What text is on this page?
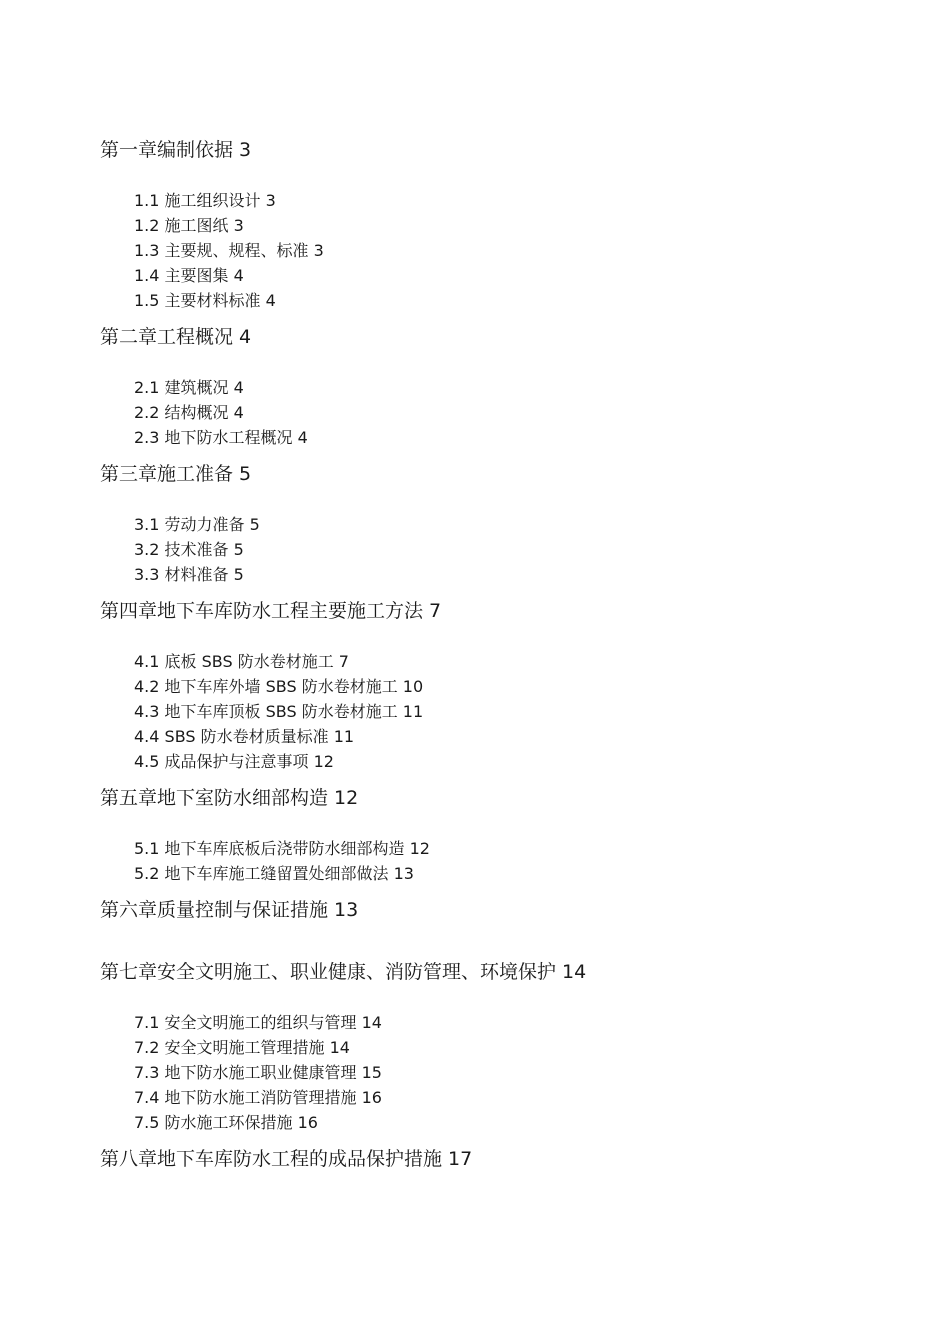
第一章编制依据 3
1.1 施工组织设计 3
1.2 施工图纸 3
1.3 主要规、规程、标准 3
1.4 主要图集 4
1.5 主要材料标准 4
第二章工程概况 4
2.1 建筑概况 4
2.2 结构概况 4
2.3 地下防水工程概况 4
第三章施工准备 5
3.1 劳动力准备 5
3.2 技术准备 5
3.3 材料准备 5
第四章地下车库防水工程主要施工方法 7
4.1 底板 SBS 防水卷材施工 7
4.2 地下车库外墙 SBS 防水卷材施工 10
4.3 地下车库顶板 SBS 防水卷材施工 11
4.4 SBS 防水卷材质量标准 11
4.5 成品保护与注意事项 12
第五章地下室防水细部构造 12
5.1 地下车库底板后浇带防水细部构造 12
5.2 地下车库施工缝留置处细部做法 13
第六章质量控制与保证措施 13
第七章安全文明施工、职业健康、消防管理、环境保护 14
7.1 安全文明施工的组织与管理 14
7.2 安全文明施工管理措施 14
7.3 地下防水施工职业健康管理 15
7.4 地下防水施工消防管理措施 16
7.5 防水施工环保措施 16
第八章地下车库防水工程的成品保护措施 17
